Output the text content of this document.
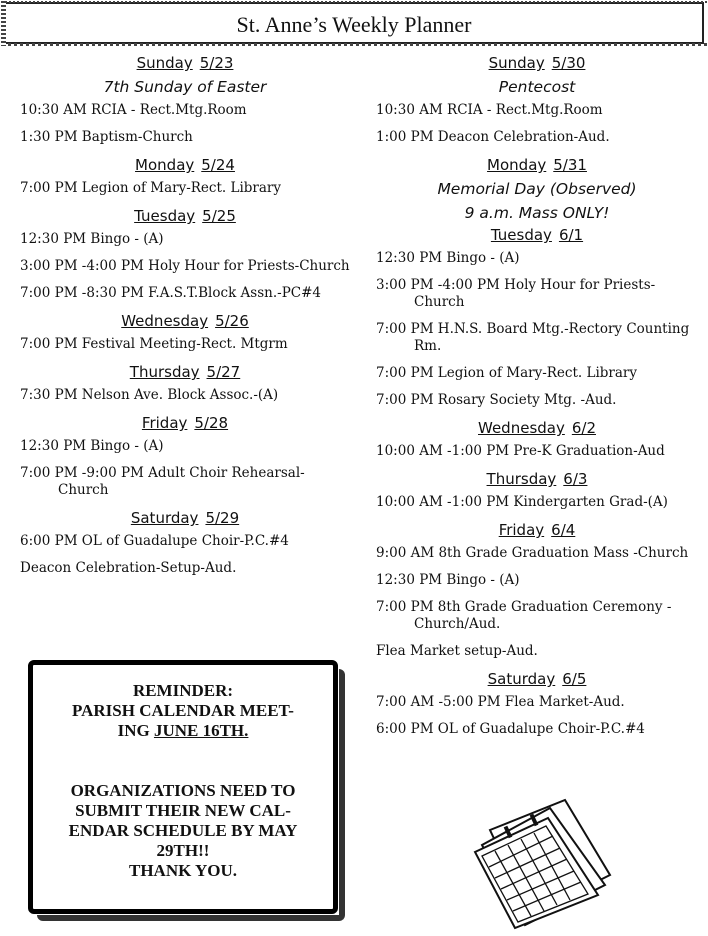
St. Anne’s Weekly Planner
Sunday 5/23
7th Sunday of Easter
10:30 AM RCIA - Rect.Mtg.Room
1:30 PM Baptism-Church
Monday 5/24
7:00 PM Legion of Mary-Rect. Library
Tuesday 5/25
12:30 PM Bingo - (A)
3:00 PM -4:00 PM Holy Hour for Priests-Church
7:00 PM -8:30 PM F.A.S.T.Block Assn.-PC#4
Wednesday 5/26
7:00 PM Festival Meeting-Rect. Mtgrm
Thursday 5/27
7:30 PM Nelson Ave. Block Assoc.-(A)
Friday 5/28
12:30 PM Bingo - (A)
7:00 PM -9:00 PM Adult Choir Rehearsal-Church
Saturday 5/29
6:00 PM OL of Guadalupe Choir-P.C.#4
Deacon Celebration-Setup-Aud.
Sunday 5/30
Pentecost
10:30 AM RCIA - Rect.Mtg.Room
1:00 PM Deacon Celebration-Aud.
Monday 5/31
Memorial Day (Observed)
9 a.m. Mass ONLY!
Tuesday 6/1
12:30 PM Bingo - (A)
3:00 PM -4:00 PM Holy Hour for Priests-Church
7:00 PM H.N.S. Board Mtg.-Rectory Counting Rm.
7:00 PM Legion of Mary-Rect. Library
7:00 PM Rosary Society Mtg. -Aud.
Wednesday 6/2
10:00 AM -1:00 PM Pre-K Graduation-Aud
Thursday 6/3
10:00 AM -1:00 PM Kindergarten Grad-(A)
Friday 6/4
9:00 AM 8th Grade Graduation Mass -Church
12:30 PM Bingo - (A)
7:00 PM 8th Grade Graduation Ceremony -Church/Aud.
Flea Market setup-Aud.
Saturday 6/5
7:00 AM -5:00 PM Flea Market-Aud.
6:00 PM OL of Guadalupe Choir-P.C.#4

REMINDER:

PARISH CALENDAR MEET-

ING JUNE 16TH.

ORGANIZATIONS NEED TO

SUBMIT THEIR NEW CAL-

ENDAR SCHEDULE BY MAY

29TH!!

THANK YOU.
